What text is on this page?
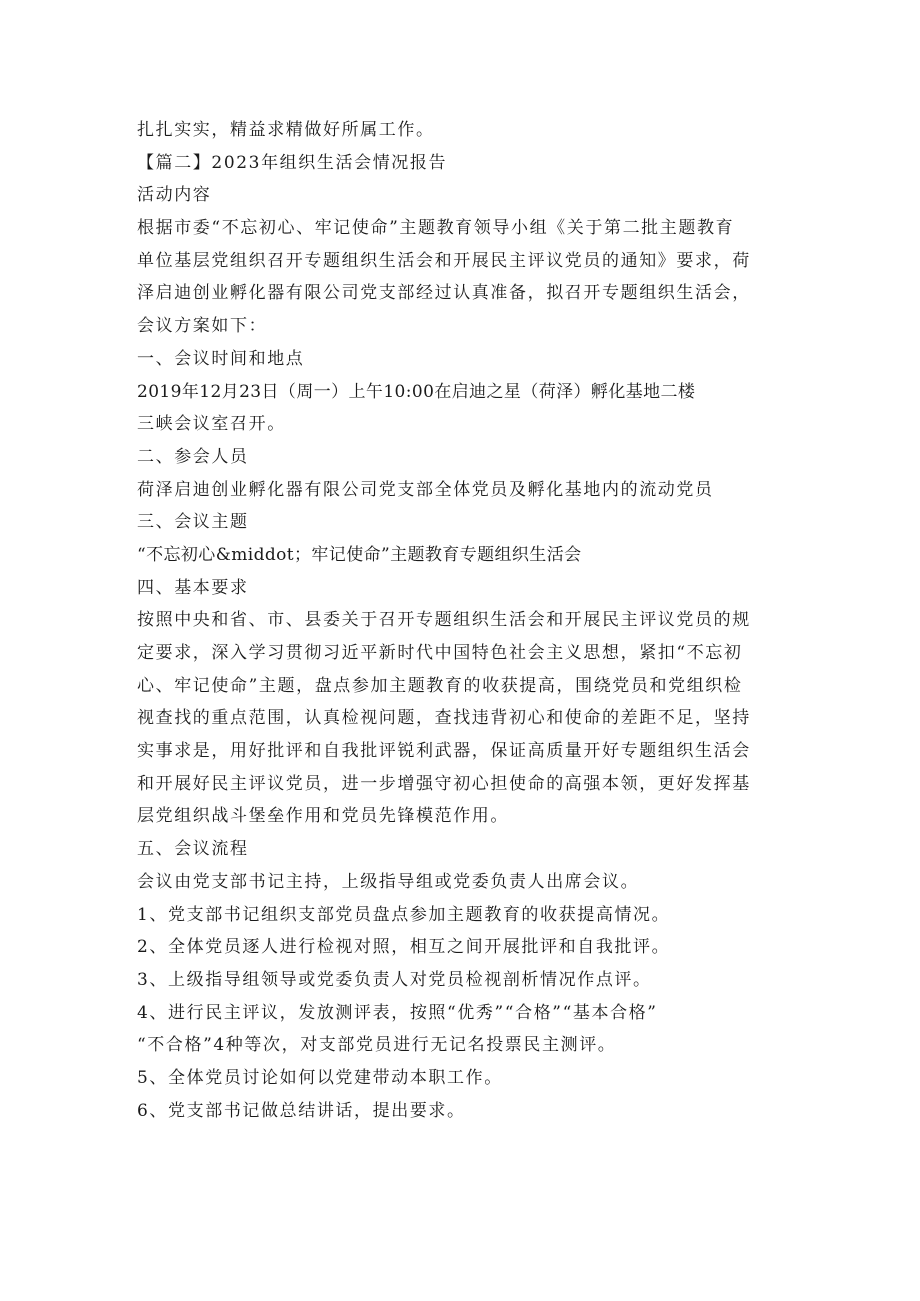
扎扎实实，精益求精做好所属工作。
【篇二】2023年组织生活会情况报告
活动内容
根据市委“不忘初心、牢记使命”主题教育领导小组《关于第二批主题教育
单位基层党组织召开专题组织生活会和开展民主评议党员的通知》要求，荷
泽启迪创业孵化器有限公司党支部经过认真准备，拟召开专题组织生活会，
会议方案如下：
一、会议时间和地点
2019年12月23日（周一）上午10:00在启迪之星（荷泽）孵化基地二楼
三峡会议室召开。
二、参会人员
荷泽启迪创业孵化器有限公司党支部全体党员及孵化基地内的流动党员
三、会议主题
“不忘初心&middot；牢记使命”主题教育专题组织生活会
四、基本要求
按照中央和省、市、县委关于召开专题组织生活会和开展民主评议党员的规
定要求，深入学习贯彻习近平新时代中国特色社会主义思想，紧扣“不忘初
心、牢记使命”主题，盘点参加主题教育的收获提高，围绕党员和党组织检
视查找的重点范围，认真检视问题，查找违背初心和使命的差距不足，坚持
实事求是，用好批评和自我批评锐利武器，保证高质量开好专题组织生活会
和开展好民主评议党员，进一步增强守初心担使命的高强本领，更好发挥基
层党组织战斗堡垒作用和党员先锋模范作用。
五、会议流程
会议由党支部书记主持，上级指导组或党委负责人出席会议。
1、党支部书记组织支部党员盘点参加主题教育的收获提高情况。
2、全体党员逐人进行检视对照，相互之间开展批评和自我批评。
3、上级指导组领导或党委负责人对党员检视剖析情况作点评。
4、进行民主评议，发放测评表，按照“优秀”“合格”“基本合格”
“不合格”4种等次，对支部党员进行无记名投票民主测评。
5、全体党员讨论如何以党建带动本职工作。
6、党支部书记做总结讲话，提出要求。
